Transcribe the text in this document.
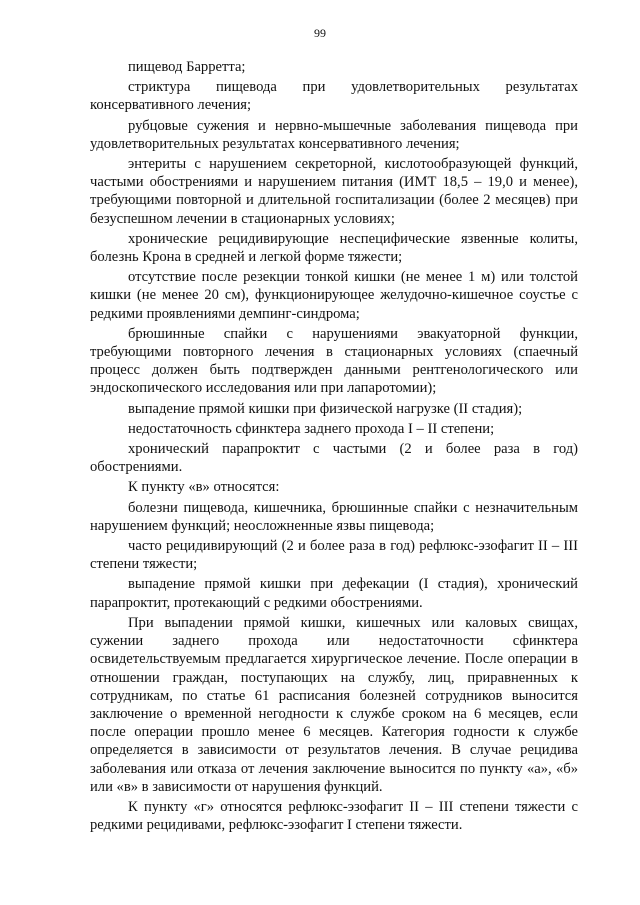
99

пищевод Барретта;

стриктура пищевода при удовлетворительных результатах консервативного лечения;

рубцовые сужения и нервно-мышечные заболевания пищевода при удовлетворительных результатах консервативного лечения;

энтериты с нарушением секреторной, кислотообразующей функций, частыми обострениями и нарушением питания (ИМТ 18,5 – 19,0 и менее), требующими повторной и длительной госпитализации (более 2 месяцев) при безуспешном лечении в стационарных условиях;

хронические рецидивирующие неспецифические язвенные колиты, болезнь Крона в средней и легкой форме тяжести;

отсутствие после резекции тонкой кишки (не менее 1 м) или толстой кишки (не менее 20 см), функционирующее желудочно-кишечное соустье с редкими проявлениями демпинг-синдрома;

брюшинные спайки с нарушениями эвакуаторной функции, требующими повторного лечения в стационарных условиях (спаечный процесс должен быть подтвержден данными рентгенологического или эндоскопического исследования или при лапаротомии);

выпадение прямой кишки при физической нагрузке (II стадия);

недостаточность сфинктера заднего прохода I – II степени;

хронический парапроктит с частыми (2 и более раза в год) обострениями.

К пункту «в» относятся:

болезни пищевода, кишечника, брюшинные спайки с незначительным нарушением функций; неосложненные язвы пищевода;

часто рецидивирующий (2 и более раза в год) рефлюкс-эзофагит II – III степени тяжести;

выпадение прямой кишки при дефекации (I стадия), хронический парапроктит, протекающий с редкими обострениями.

При выпадении прямой кишки, кишечных или каловых свищах, сужении заднего прохода или недостаточности сфинктера освидетельствуемым предлагается хирургическое лечение. После операции в отношении граждан, поступающих на службу, лиц, приравненных к сотрудникам, по статье 61 расписания болезней сотрудников выносится заключение о временной негодности к службе сроком на 6 месяцев, если после операции прошло менее 6 месяцев. Категория годности к службе определяется в зависимости от результатов лечения. В случае рецидива заболевания или отказа от лечения заключение выносится по пункту «а», «б» или «в» в зависимости от нарушения функций.

К пункту «г» относятся рефлюкс-эзофагит II – III степени тяжести с редкими рецидивами, рефлюкс-эзофагит I степени тяжести.
